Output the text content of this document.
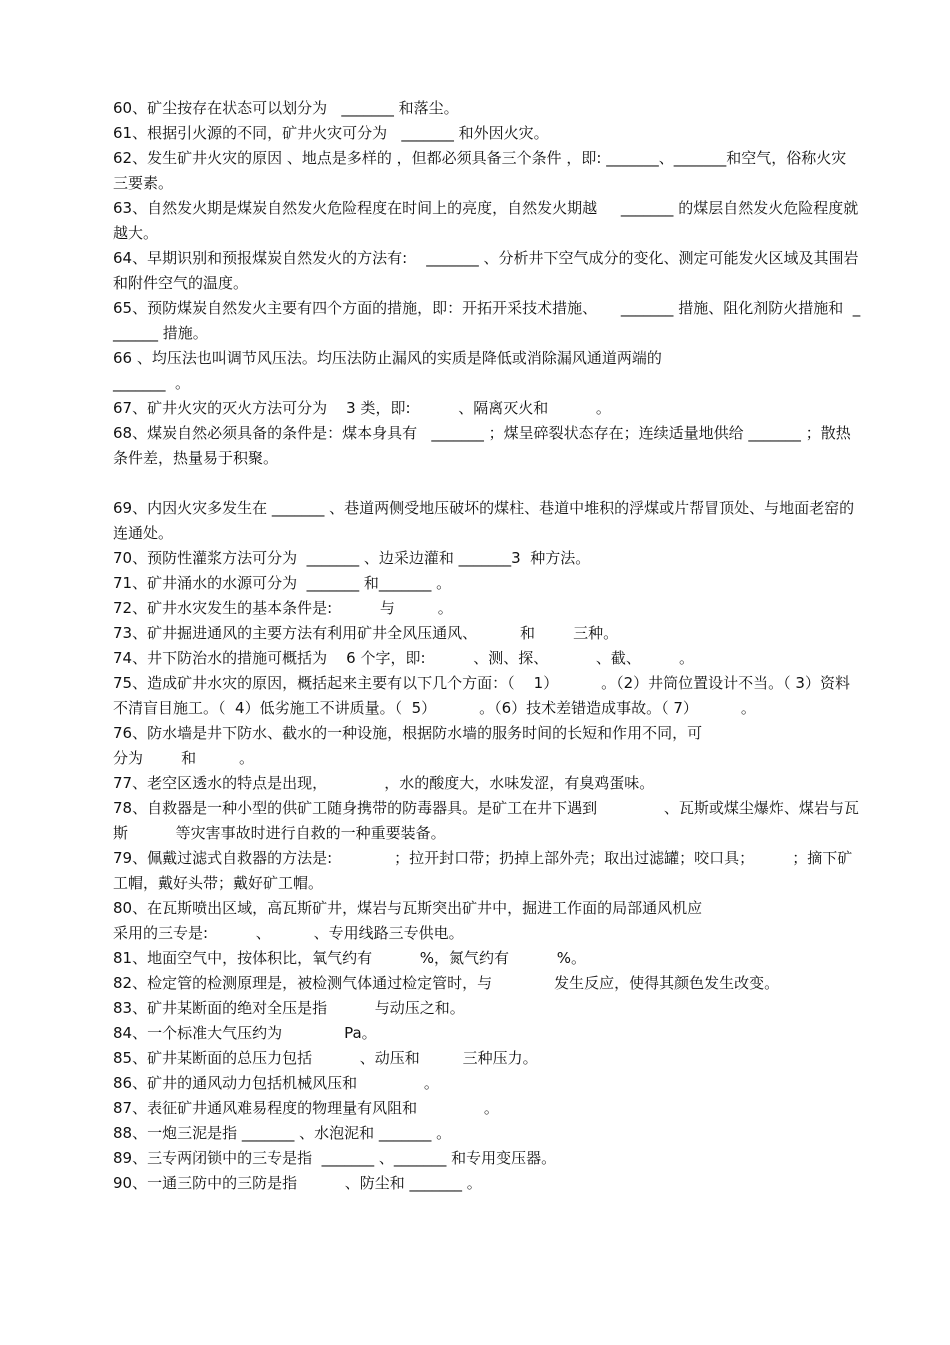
60、矿尘按存在状态可以划分为   _______ 和落尘。

61、根据引火源的不同，矿井火灾可分为   _______ 和外因火灾。

62、发生矿井火灾的原因 、地点是多样的 ，但都必须具备三个条件 ，即: _______、_______和空气，俗称火灾三要素。

63、自然发火期是煤炭自然发火危险程度在时间上的亮度，自然发火期越     _______ 的煤层自然发火危险程度就越大。

64、早期识别和预报煤炭自然发火的方法有:    _______ 、分析井下空气成分的变化、测定可能发火区域及其围岩和附件空气的温度。

65、预防煤炭自然发火主要有四个方面的措施，即：开拓开采技术措施、     _______ 措施、阻化剂防火措施和  _______ 措施。

66 、均压法也叫调节风压法。均压法防止漏风的实质是降低或消除漏风通道两端的
_______  。

67、矿井火灾的灭火方法可分为    3 类，即:          、隔离灭火和          。

68、煤炭自然必须具备的条件是：煤本身具有   _______ ；煤呈碎裂状态存在；连续适量地供给 _______ ；散热条件差，热量易于积聚。

69、内因火灾多发生在 _______ 、巷道两侧受地压破坏的煤柱、巷道中堆积的浮煤或片帮冒顶处、与地面老窑的连通处。

70、预防性灌浆方法可分为  _______ 、边采边灌和 _______3  种方法。

71、矿井涌水的水源可分为  _______ 和_______ 。

72、矿井水灾发生的基本条件是:          与         。

73、矿井掘进通风的主要方法有利用矿井全风压通风、         和        三种。

74、井下防治水的措施可概括为    6 个字，即:          、测、探、          、截、        。

75、造成矿井水灾的原因，概括起来主要有以下几个方面：（    1）         。（2）井筒位置设计不当。（ 3）资料不清盲目施工。（  4）低劣施工不讲质量。（  5）         。（6）技术差错造成事故。（ 7）         。

76、防水墙是井下防水、截水的一种设施，根据防水墙的服务时间的长短和作用不同，可
分为        和         。

77、老空区透水的特点是出现，            ，水的酸度大，水味发涩，有臭鸡蛋味。

78、自救器是一种小型的供矿工随身携带的防毒器具。是矿工在井下遇到              、瓦斯或煤尘爆炸、煤岩与瓦斯          等灾害事故时进行自救的一种重要装备。

79、佩戴过滤式自救器的方法是:             ；拉开封口带；扔掉上部外壳；取出过滤罐；咬口具；        ；摘下矿工帽，戴好头带；戴好矿工帽。

80、在瓦斯喷出区域，高瓦斯矿井，煤岩与瓦斯突出矿井中，掘进工作面的局部通风机应
采用的三专是:          、         、专用线路三专供电。

81、地面空气中，按体积比，氧气约有          %，氮气约有          %。

82、检定管的检测原理是，被检测气体通过检定管时，与             发生反应，使得其颜色发生改变。

83、矿井某断面的绝对全压是指          与动压之和。

84、一个标准大气压约为             Pa。

85、矿井某断面的总压力包括          、动压和         三种压力。

86、矿井的通风动力包括机械风压和              。

87、表征矿井通风难易程度的物理量有风阻和              。

88、一炮三泥是指 _______ 、水泡泥和 _______ 。

89、三专两闭锁中的三专是指  _______ 、_______ 和专用变压器。

90、一通三防中的三防是指          、防尘和 _______ 。
